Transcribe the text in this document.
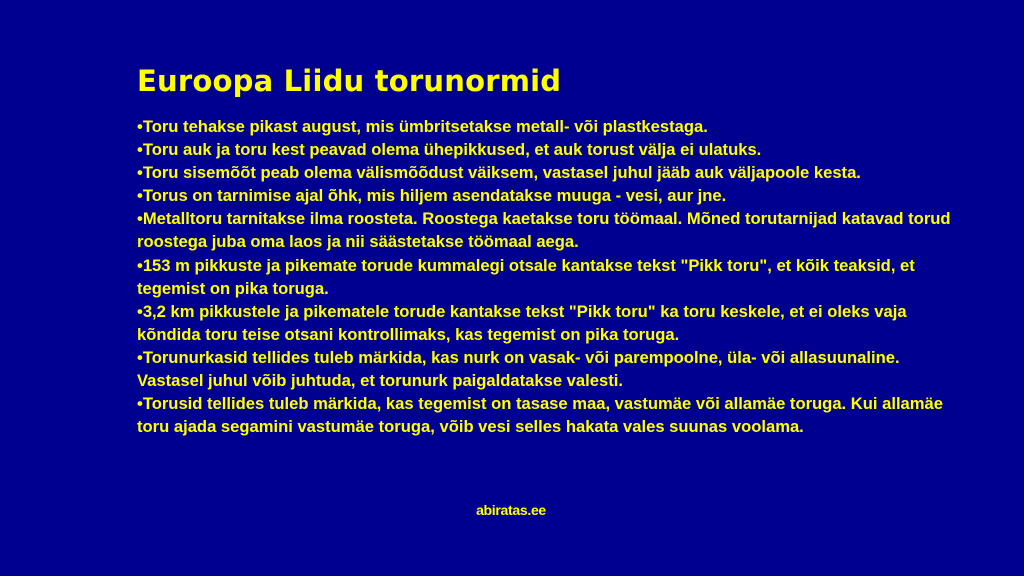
Euroopa Liidu torunormid
• Toru tehakse pikast august, mis ümbritsetakse metall- või plastkestaga.
• Toru auk ja toru kest peavad olema ühepikkused, et auk torust välja ei ulatuks.
• Toru sisemõõt peab olema välismõõdust väiksem, vastasel juhul jääb auk väljapoole kesta.
• Torus on tarnimise ajal õhk, mis hiljem asendatakse muuga - vesi, aur jne.
• Metalltoru tarnitakse ilma roosteta. Roostega kaetakse toru töömaal. Mõned torutarnijad katavad torud roostega juba oma laos ja nii säästetakse töömaal aega.
• 153 m pikkuste ja pikemate torude kummalegi otsale kantakse tekst "Pikk toru", et kõik teaksid, et tegemist on pika toruga.
• 3,2 km pikkustele ja pikematele torude kantakse tekst "Pikk toru" ka toru keskele, et ei oleks vaja kõndida toru teise otsani kontrollimaks, kas tegemist on pika toruga.
• Torunurkasid tellides tuleb märkida, kas nurk on vasak- või parempoolne, üla- või allasuunaline. Vastasel juhul võib juhtuda, et torunurk paigaldatakse valesti.
• Torusid tellides tuleb märkida, kas tegemist on tasase maa, vastumäe või allamäe toruga. Kui allamäe toru ajada segamini vastumäe toruga, võib vesi selles hakata vales suunas voolama.
abiratas.ee
